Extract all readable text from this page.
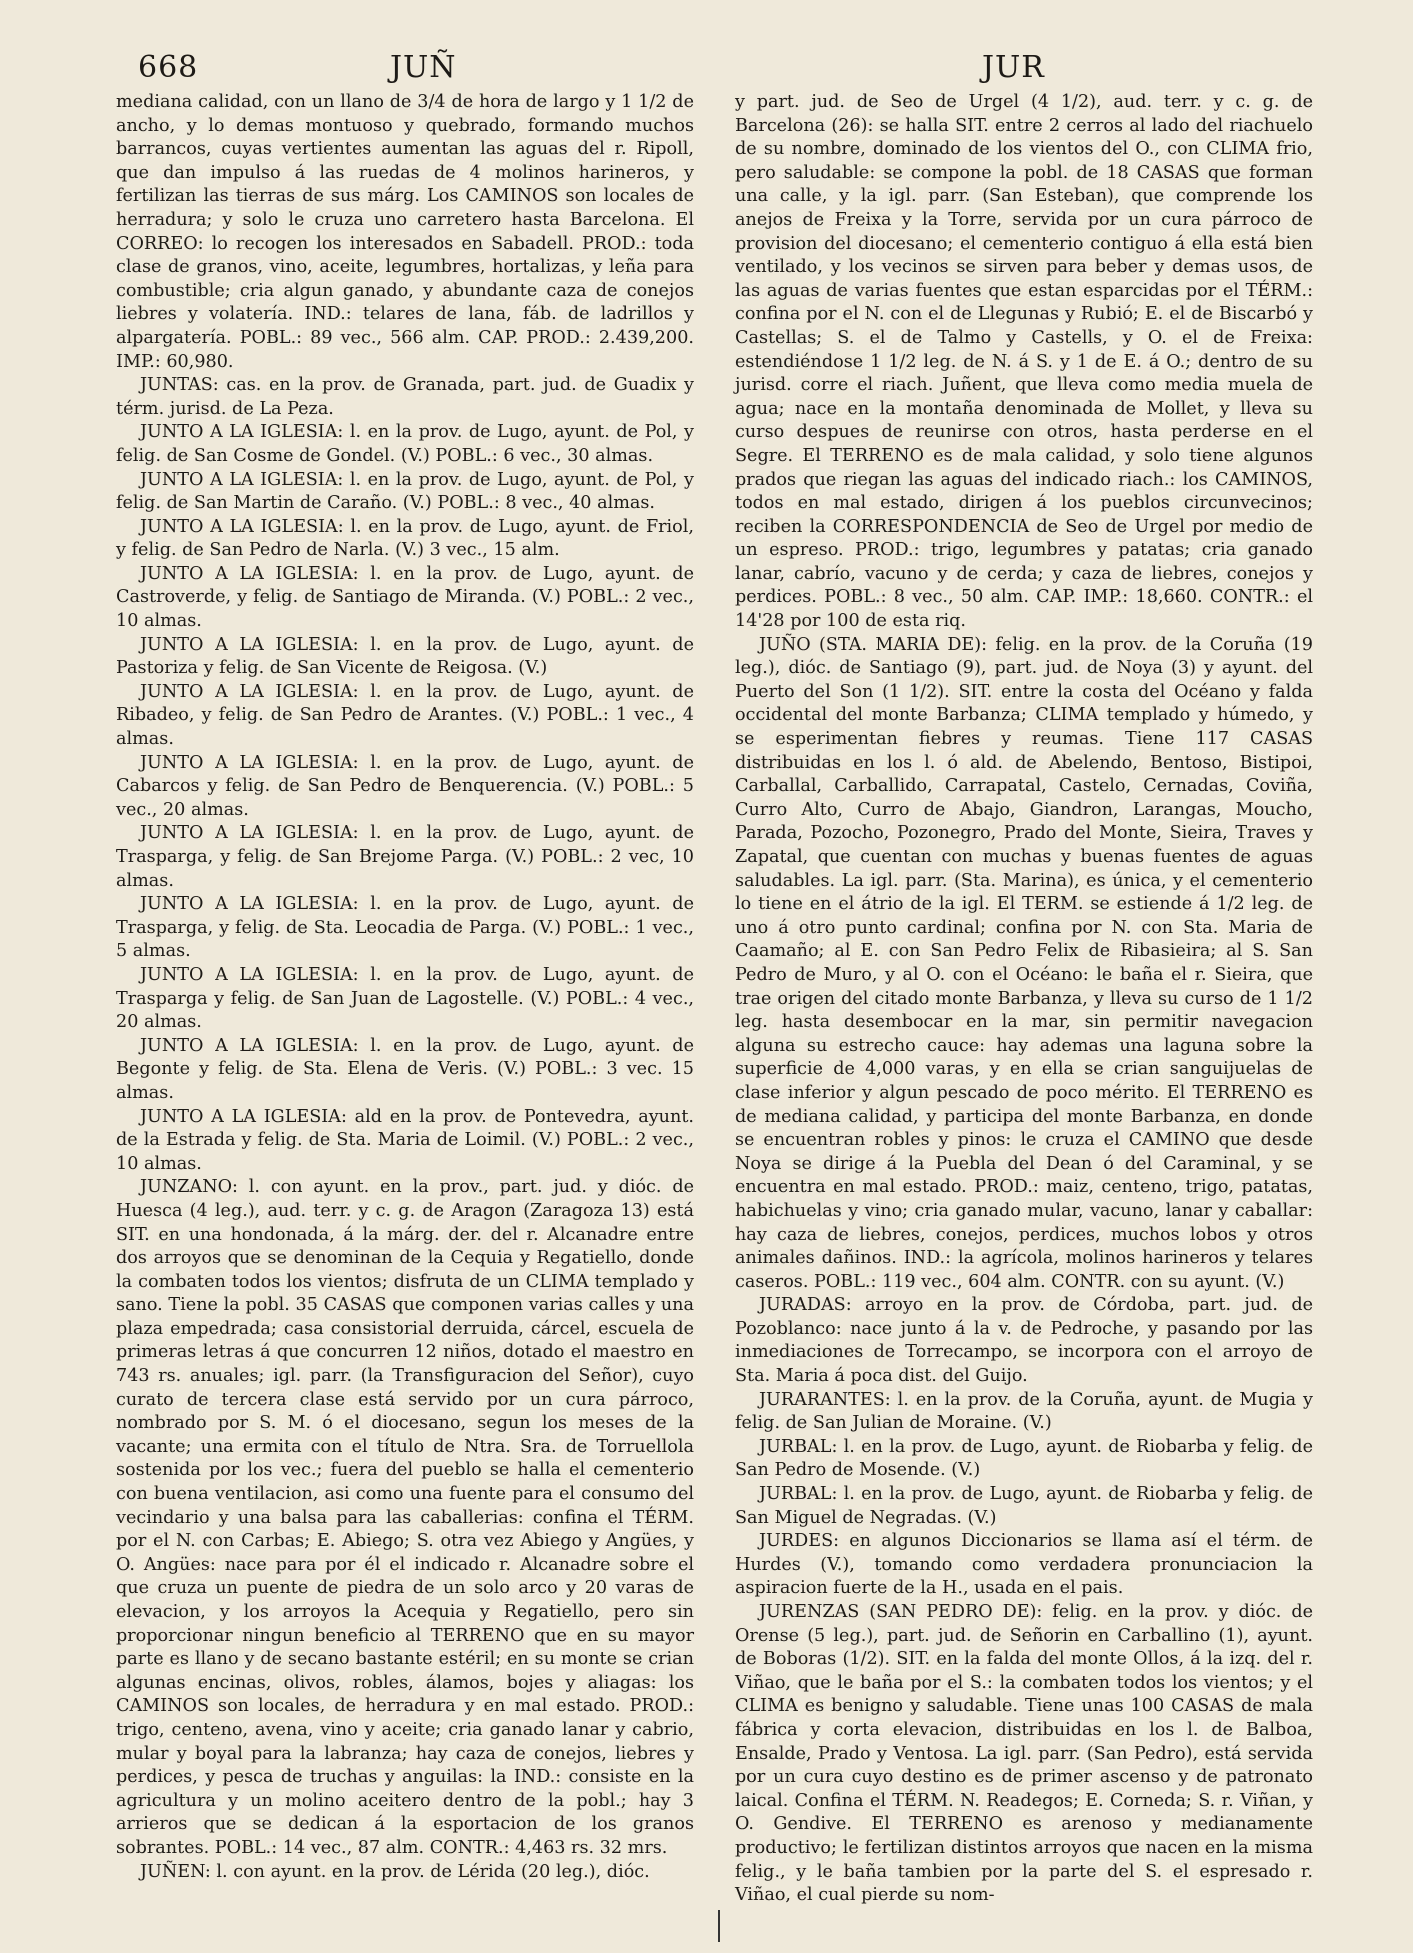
668	JUÑ	JUR

mediana calidad, con un llano de 3/4 de hora de largo y 1 1/2 de ancho, y lo demas montuoso y quebrado, formando muchos barrancos, cuyas vertientes aumentan las aguas del r. Ripoll, que dan impulso á las ruedas de 4 molinos harineros, y fertilizan las tierras de sus márg. Los CAMINOS son locales de herradura; y solo le cruza uno carretero hasta Barcelona. El CORREO: lo recogen los interesados en Sabadell. PROD.: toda clase de granos, vino, aceite, legumbres, hortalizas, y leña para combustible; cria algun ganado, y abundante caza de conejos liebres y volatería. IND.: telares de lana, fáb. de ladrillos y alpargatería. POBL.: 89 vec., 566 alm. CAP. PROD.: 2.439,200. IMP.: 60,980.

JUNTAS: cas. en la prov. de Granada, part. jud. de Guadix y térm. jurisd. de La Peza.

JUNTO A LA IGLESIA: l. en la prov. de Lugo, ayunt. de Pol, y felig. de San Cosme de Gondel. (V.) POBL.: 6 vec., 30 almas.

JUNTO A LA IGLESIA: l. en la prov. de Lugo, ayunt. de Pol, y felig. de San Martin de Caraño. (V.) POBL.: 8 vec., 40 almas.

JUNTO A LA IGLESIA: l. en la prov. de Lugo, ayunt. de Friol, y felig. de San Pedro de Narla. (V.) 3 vec., 15 alm.

JUNTO A LA IGLESIA: l. en la prov. de Lugo, ayunt. de Castroverde, y felig. de Santiago de Miranda. (V.) POBL.: 2 vec., 10 almas.

JUNTO A LA IGLESIA: l. en la prov. de Lugo, ayunt. de Pastoriza y felig. de San Vicente de Reigosa. (V.)

JUNTO A LA IGLESIA: l. en la prov. de Lugo, ayunt. de Ribadeo, y felig. de San Pedro de Arantes. (V.) POBL.: 1 vec., 4 almas.

JUNTO A LA IGLESIA: l. en la prov. de Lugo, ayunt. de Cabarcos y felig. de San Pedro de Benquerencia. (V.) POBL.: 5 vec., 20 almas.

JUNTO A LA IGLESIA: l. en la prov. de Lugo, ayunt. de Trasparga, y felig. de San Brejome Parga. (V.) POBL.: 2 vec, 10 almas.

JUNTO A LA IGLESIA: l. en la prov. de Lugo, ayunt. de Trasparga, y felig. de Sta. Leocadia de Parga. (V.) POBL.: 1 vec., 5 almas.

JUNTO A LA IGLESIA: l. en la prov. de Lugo, ayunt. de Trasparga y felig. de San Juan de Lagostelle. (V.) POBL.: 4 vec., 20 almas.

JUNTO A LA IGLESIA: l. en la prov. de Lugo, ayunt. de Begonte y felig. de Sta. Elena de Veris. (V.) POBL.: 3 vec. 15 almas.

JUNTO A LA IGLESIA: ald en la prov. de Pontevedra, ayunt. de la Estrada y felig. de Sta. Maria de Loimil. (V.) POBL.: 2 vec., 10 almas.

JUNZANO: l. con ayunt. en la prov., part. jud. y dióc. de Huesca (4 leg.), aud. terr. y c. g. de Aragon (Zaragoza 13) está SIT. en una hondonada, á la márg. der. del r. Alcanadre entre dos arroyos que se denominan de la Cequia y Regatiello, donde la combaten todos los vientos; disfruta de un CLIMA templado y sano. Tiene la pobl. 35 CASAS que componen varias calles y una plaza empedrada; casa consistorial derruida, cárcel, escuela de primeras letras á que concurren 12 niños, dotado el maestro en 743 rs. anuales; igl. parr. (la Transfiguracion del Señor), cuyo curato de tercera clase está servido por un cura párroco, nombrado por S. M. ó el diocesano, segun los meses de la vacante; una ermita con el título de Ntra. Sra. de Torruellola sostenida por los vec.; fuera del pueblo se halla el cementerio con buena ventilacion, asi como una fuente para el consumo del vecindario y una balsa para las caballerias: confina el TÉRM. por el N. con Carbas; E. Abiego; S. otra vez Abiego y Angües, y O. Angües: nace para por él el indicado r. Alcanadre sobre el que cruza un puente de piedra de un solo arco y 20 varas de elevacion, y los arroyos la Acequia y Regatiello, pero sin proporcionar ningun beneficio al TERRENO que en su mayor parte es llano y de secano bastante estéril; en su monte se crian algunas encinas, olivos, robles, álamos, bojes y aliagas: los CAMINOS son locales, de herradura y en mal estado. PROD.: trigo, centeno, avena, vino y aceite; cria ganado lanar y cabrio, mular y boyal para la labranza; hay caza de conejos, liebres y perdices, y pesca de truchas y anguilas: la IND.: consiste en la agricultura y un molino aceitero dentro de la pobl.; hay 3 arrieros que se dedican á la esportacion de los granos sobrantes. POBL.: 14 vec., 87 alm. CONTR.: 4,463 rs. 32 mrs.

JUÑEN: l. con ayunt. en la prov. de Lérida (20 leg.), dióc.

y part. jud. de Seo de Urgel (4 1/2), aud. terr. y c. g. de Barcelona (26): se halla SIT. entre 2 cerros al lado del riachuelo de su nombre, dominado de los vientos del O., con CLIMA frio, pero saludable: se compone la pobl. de 18 CASAS que forman una calle, y la igl. parr. (San Esteban), que comprende los anejos de Freixa y la Torre, servida por un cura párroco de provision del diocesano; el cementerio contiguo á ella está bien ventilado, y los vecinos se sirven para beber y demas usos, de las aguas de varias fuentes que estan esparcidas por el TÉRM.: confina por el N. con el de Llegunas y Rubió; E. el de Biscarbó y Castellas; S. el de Talmo y Castells, y O. el de Freixa: estendiéndose 1 1/2 leg. de N. á S. y 1 de E. á O.; dentro de su jurisd. corre el riach. Juñent, que lleva como media muela de agua; nace en la montaña denominada de Mollet, y lleva su curso despues de reunirse con otros, hasta perderse en el Segre. El TERRENO es de mala calidad, y solo tiene algunos prados que riegan las aguas del indicado riach.: los CAMINOS, todos en mal estado, dirigen á los pueblos circunvecinos; reciben la CORRESPONDENCIA de Seo de Urgel por medio de un espreso. PROD.: trigo, legumbres y patatas; cria ganado lanar, cabrío, vacuno y de cerda; y caza de liebres, conejos y perdices. POBL.: 8 vec., 50 alm. CAP. IMP.: 18,660. CONTR.: el 14'28 por 100 de esta riq.

JUÑO (STA. MARIA DE): felig. en la prov. de la Coruña (19 leg.), dióc. de Santiago (9), part. jud. de Noya (3) y ayunt. del Puerto del Son (1 1/2). SIT. entre la costa del Océano y falda occidental del monte Barbanza; CLIMA templado y húmedo, y se esperimentan fiebres y reumas. Tiene 117 CASAS distribuidas en los l. ó ald. de Abelendo, Bentoso, Bistipoi, Carballal, Carballido, Carrapatal, Castelo, Cernadas, Coviña, Curro Alto, Curro de Abajo, Giandron, Larangas, Moucho, Parada, Pozocho, Pozonegro, Prado del Monte, Sieira, Traves y Zapatal, que cuentan con muchas y buenas fuentes de aguas saludables. La igl. parr. (Sta. Marina), es única, y el cementerio lo tiene en el átrio de la igl. El TERM. se estiende á 1/2 leg. de uno á otro punto cardinal; confina por N. con Sta. Maria de Caamaño; al E. con San Pedro Felix de Ribasieira; al S. San Pedro de Muro, y al O. con el Océano: le baña el r. Sieira, que trae origen del citado monte Barbanza, y lleva su curso de 1 1/2 leg. hasta desembocar en la mar, sin permitir navegacion alguna su estrecho cauce: hay ademas una laguna sobre la superficie de 4,000 varas, y en ella se crian sanguijuelas de clase inferior y algun pescado de poco mérito. El TERRENO es de mediana calidad, y participa del monte Barbanza, en donde se encuentran robles y pinos: le cruza el CAMINO que desde Noya se dirige á la Puebla del Dean ó del Caraminal, y se encuentra en mal estado. PROD.: maiz, centeno, trigo, patatas, habichuelas y vino; cria ganado mular, vacuno, lanar y caballar: hay caza de liebres, conejos, perdices, muchos lobos y otros animales dañinos. IND.: la agrícola, molinos harineros y telares caseros. POBL.: 119 vec., 604 alm. CONTR. con su ayunt. (V.)

JURADAS: arroyo en la prov. de Córdoba, part. jud. de Pozoblanco: nace junto á la v. de Pedroche, y pasando por las inmediaciones de Torrecampo, se incorpora con el arroyo de Sta. Maria á poca dist. del Guijo.

JURARANTES: l. en la prov. de la Coruña, ayunt. de Mugia y felig. de San Julian de Moraine. (V.)

JURBAL: l. en la prov. de Lugo, ayunt. de Riobarba y felig. de San Pedro de Mosende. (V.)

JURBAL: l. en la prov. de Lugo, ayunt. de Riobarba y felig. de San Miguel de Negradas. (V.)

JURDES: en algunos Diccionarios se llama así el térm. de Hurdes (V.), tomando como verdadera pronunciacion la aspiracion fuerte de la H., usada en el pais.

JURENZAS (SAN PEDRO DE): felig. en la prov. y dióc. de Orense (5 leg.), part. jud. de Señorin en Carballino (1), ayunt. de Boboras (1/2). SIT. en la falda del monte Ollos, á la izq. del r. Viñao, que le baña por el S.: la combaten todos los vientos; y el CLIMA es benigno y saludable. Tiene unas 100 CASAS de mala fábrica y corta elevacion, distribuidas en los l. de Balboa, Ensalde, Prado y Ventosa. La igl. parr. (San Pedro), está servida por un cura cuyo destino es de primer ascenso y de patronato laical. Confina el TÉRM. N. Readegos; E. Corneda; S. r. Viñan, y O. Gendive. El TERRENO es arenoso y medianamente productivo; le fertilizan distintos arroyos que nacen en la misma felig., y le baña tambien por la parte del S. el espresado r. Viñao, el cual pierde su nom-
